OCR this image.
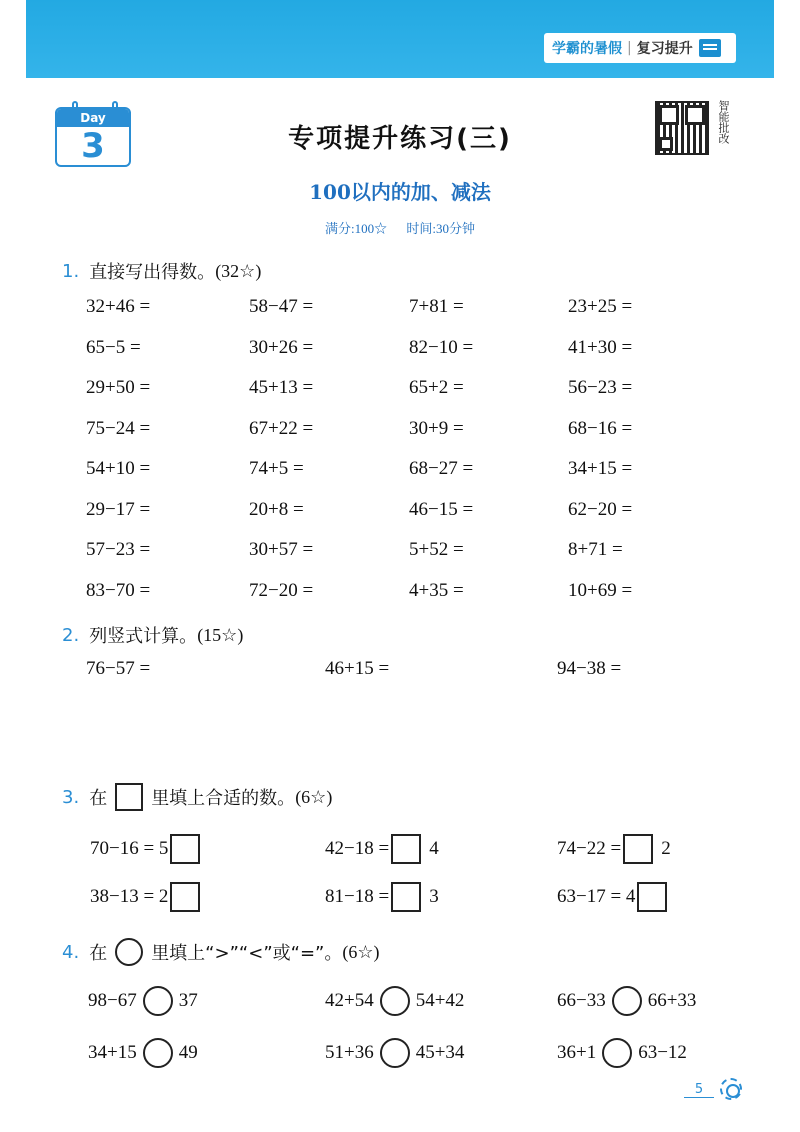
学霸的暑假 | 复习提升
Day
3	专项提升练习(三)
100以内的加、减法
满分:100☆ 时间:30分钟
智能批改
1. 直接写出得数。 (32☆)
32+46 =	58−47 =	7+81 =	23+25 =
65−5 =	30+26 =	82−10 =	41+30 =
29+50 =	45+13 =	65+2 =	56−23 =
75−24 =	67+22 =	30+9 =	68−16 =
54+10 =	74+5 =	68−27 =	34+15 =
29−17 =	20+8 =	46−15 =	62−20 =
57−23 =	30+57 =	5+52 =	8+71 =
83−70 =	72−20 =	4+35 =	10+69 =
2. 列竖式计算。 (15☆)
76−57 =	46+15 =	94−38 =
3. 在 里填上合适的数。 (6☆)
70−16 = 5	42−18 = 4	74−22 = 2
38−13 = 2	81−18 = 3	63−17 = 4
4. 在 里填上“>”“<”或“=”。 (6☆)
98−67 37	42+54 54+42	66−33 66+33
34+15 49	51+36 45+34	36+1 63−12
5
